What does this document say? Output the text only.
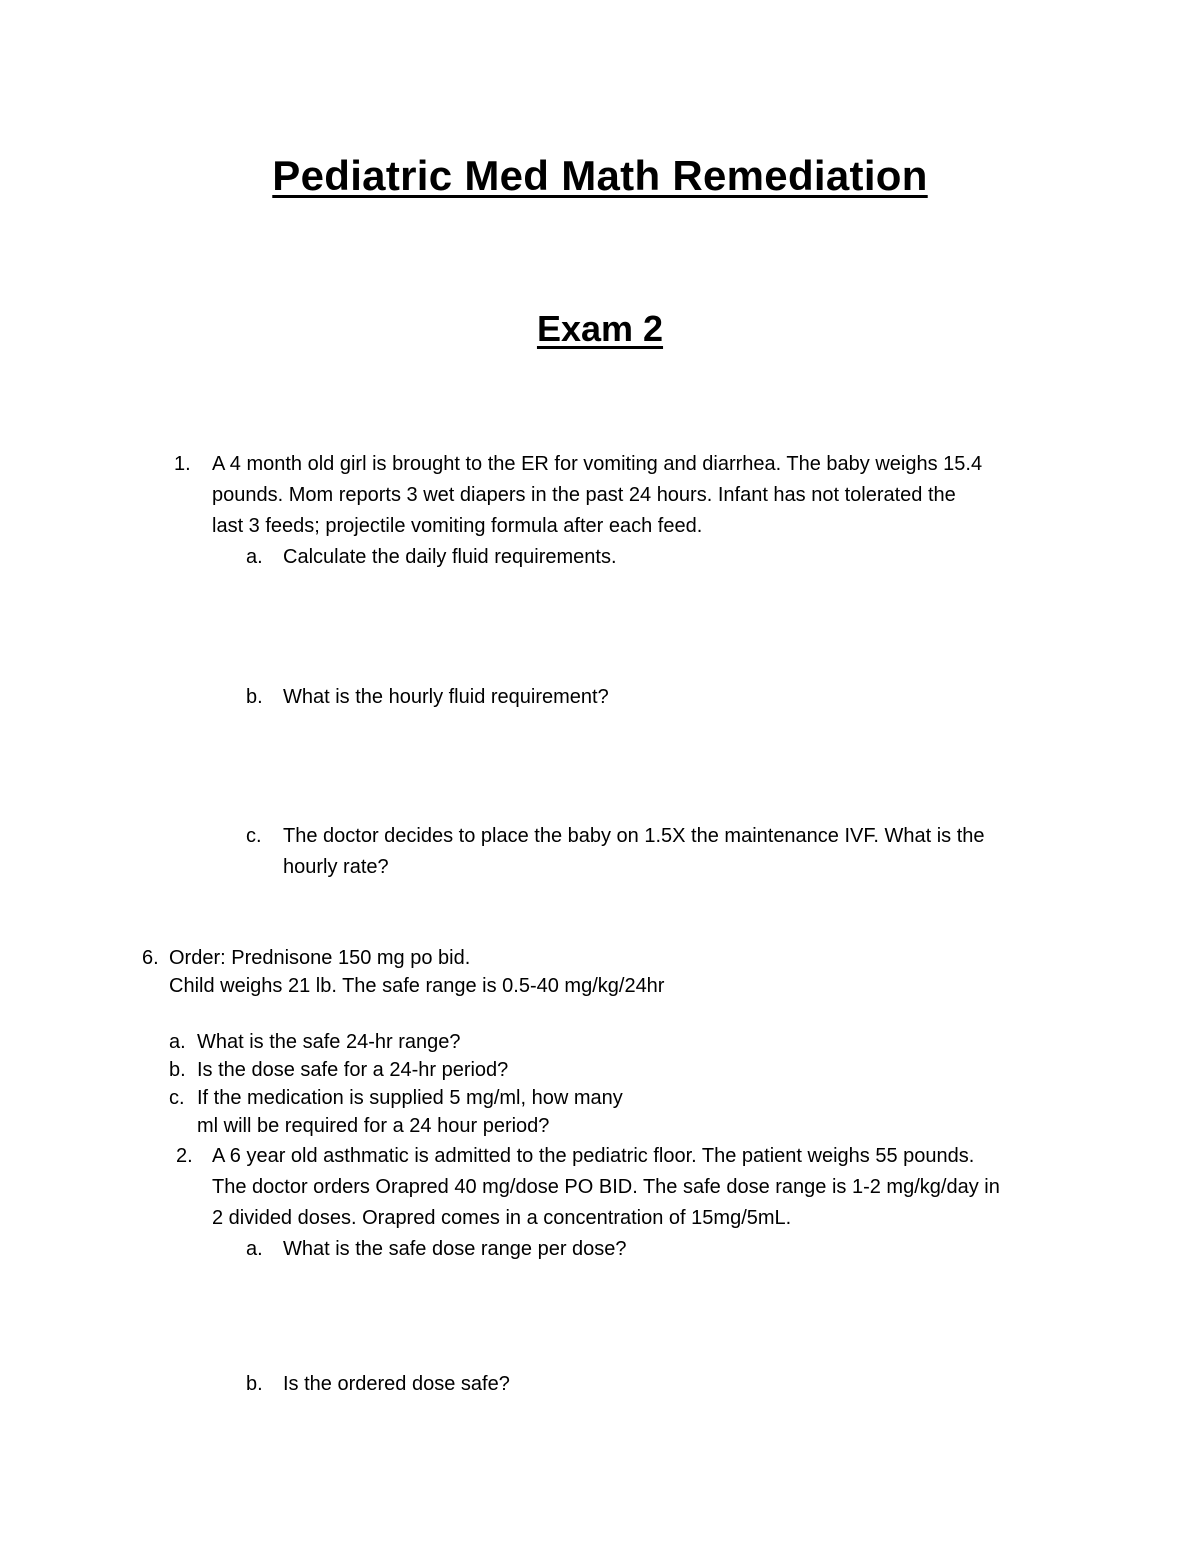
Pediatric Med Math Remediation
Exam 2
1. A 4 month old girl is brought to the ER for vomiting and diarrhea. The baby weighs 15.4
pounds. Mom reports 3 wet diapers in the past 24 hours. Infant has not tolerated the
last 3 feeds; projectile vomiting formula after each feed.
a. Calculate the daily fluid requirements.
b. What is the hourly fluid requirement?
c. The doctor decides to place the baby on 1.5X the maintenance IVF. What is the
hourly rate?
6. Order: Prednisone 150 mg po bid.
Child weighs 21 lb. The safe range is 0.5-40 mg/kg/24hr
a. What is the safe 24-hr range?
b. Is the dose safe for a 24-hr period?
c. If the medication is supplied 5 mg/ml, how many
ml will be required for a 24 hour period?
2. A 6 year old asthmatic is admitted to the pediatric floor. The patient weighs 55 pounds.
The doctor orders Orapred 40 mg/dose PO BID. The safe dose range is 1-2 mg/kg/day in
2 divided doses. Orapred comes in a concentration of 15mg/5mL.
a. What is the safe dose range per dose?
b. Is the ordered dose safe?
